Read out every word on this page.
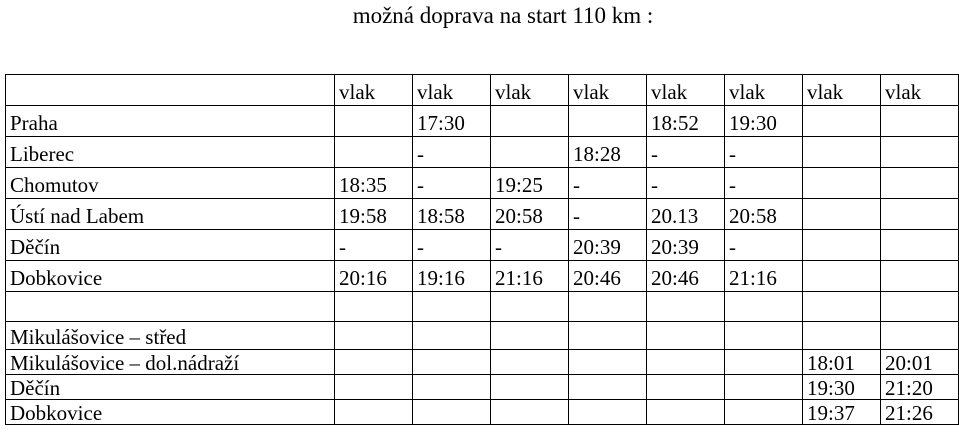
možná doprava na start 110 km :
	vlak	vlak	vlak	vlak	vlak	vlak	vlak	vlak
Praha		17:30			18:52	19:30		
Liberec		-		18:28	-	-		
Chomutov	18:35	-	19:25	-	-	-		
Ústí nad Labem	19:58	18:58	20:58	-	20.13	20:58		
Děčín	-	-	-	20:39	20:39	-		
Dobkovice	20:16	19:16	21:16	20:46	20:46	21:16		

Mikulášovice – střed								
Mikulášovice – dol.nádraží							18:01	20:01
Děčín							19:30	21:20
Dobkovice							19:37	21:26
